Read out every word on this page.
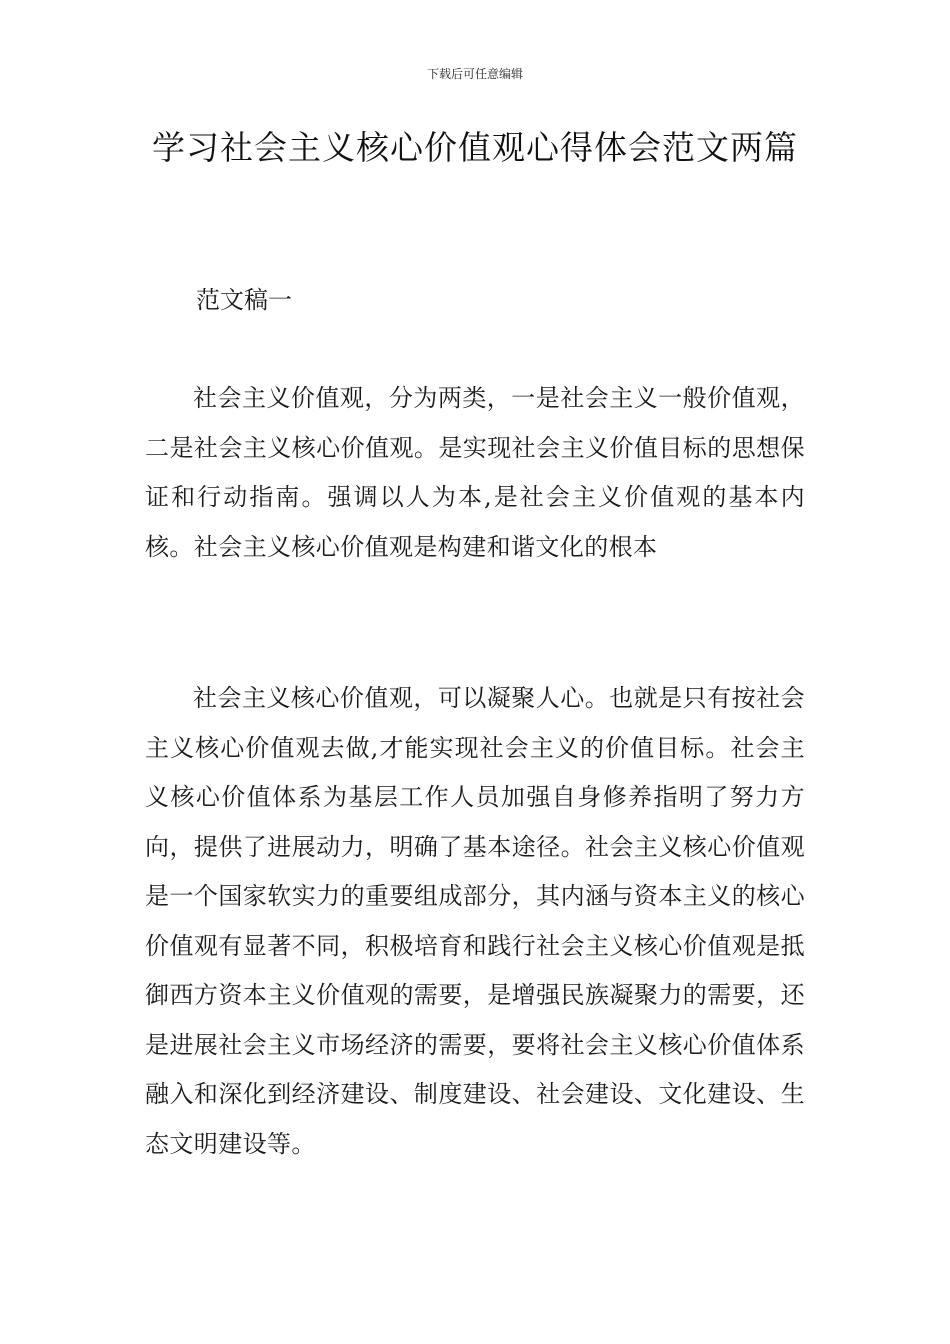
下载后可任意编辑
学习社会主义核心价值观心得体会范文两篇
范文稿一

社会主义价值观，分为两类，一是社会主义一般价值观，二是社会主义核心价值观。是实现社会主义价值目标的思想保证和行动指南。强调以人为本,是社会主义价值观的基本内核。社会主义核心价值观是构建和谐文化的根本

社会主义核心价值观，可以凝聚人心。也就是只有按社会主义核心价值观去做,才能实现社会主义的价值目标。社会主义核心价值体系为基层工作人员加强自身修养指明了努力方向，提供了进展动力，明确了基本途径。社会主义核心价值观是一个国家软实力的重要组成部分，其内涵与资本主义的核心价值观有显著不同，积极培育和践行社会主义核心价值观是抵御西方资本主义价值观的需要，是增强民族凝聚力的需要，还是进展社会主义市场经济的需要，要将社会主义核心价值体系融入和深化到经济建设、制度建设、社会建设、文化建设、生态文明建设等。
